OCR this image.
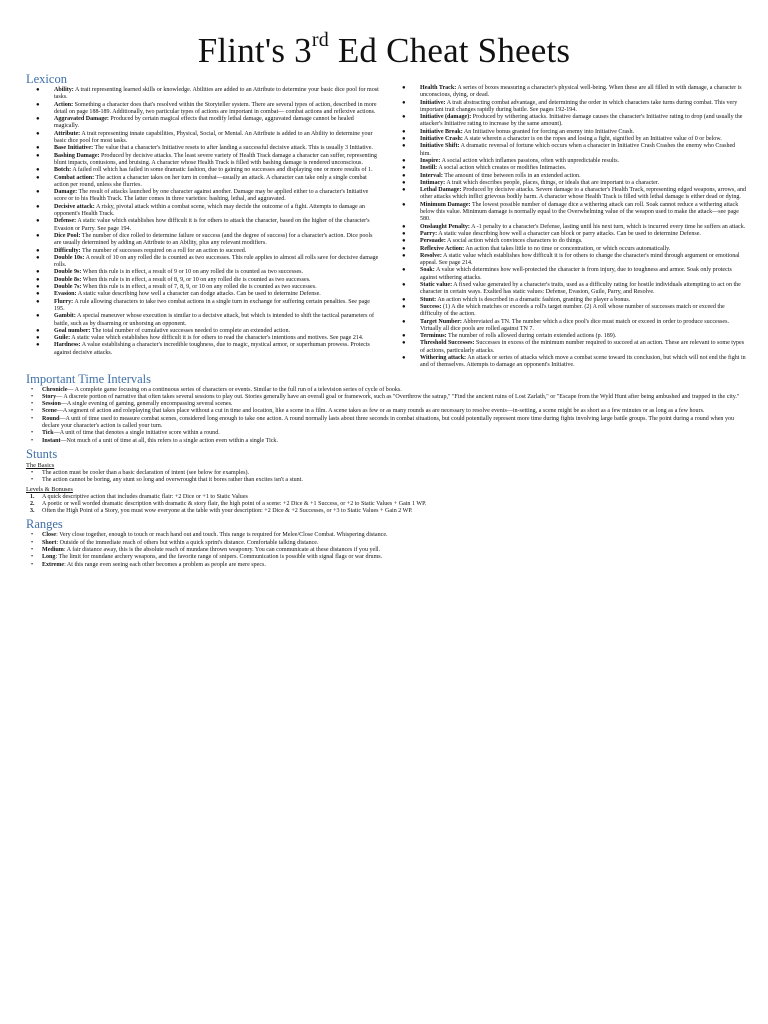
Flint's 3rd Ed Cheat Sheets
Lexicon
● Ability: A trait representing learned skills or knowledge. Abilities are added to an Attribute to determine your basic dice pool for most tasks.
● Action: Something a character does that's resolved within the Storyteller system. There are several types of action, described in more detail on page 188-189. Additionally, two particular types of actions are important in combat— combat actions and reflexive actions.
● Aggravated Damage: Produced by certain magical effects that modify lethal damage, aggravated damage cannot be healed magically.
● Attribute: A trait representing innate capabilities, Physical, Social, or Mental. An Attribute is added to an Ability to determine your basic dice pool for most tasks.
● Base Initiative: The value that a character's Initiative resets to after landing a successful decisive attack. This is usually 3 Initiative.
● Bashing Damage: Produced by decisive attacks. The least severe variety of Health Track damage a character can suffer, representing blunt impacts, contusions, and bruising. A character whose Health Track is filled with bashing damage is rendered unconscious.
● Botch: A failed roll which has failed in some dramatic fashion, due to gaining no successes and displaying one or more results of 1.
● Combat action: The action a character takes on her turn in combat—usually an attack. A character can take only a single combat action per round, unless she flurries.
● Damage: The result of attacks launched by one character against another. Damage may be applied either to a character's Initiative score or to his Health Track. The latter comes in three varieties: bashing, lethal, and aggravated.
● Decisive attack: A risky, pivotal attack within a combat scene, which may decide the outcome of a fight. Attempts to damage an opponent's Health Track.
● Defense: A static value which establishes how difficult it is for others to attack the character, based on the higher of the character's Evasion or Parry. See page 194.
● Dice Pool: The number of dice rolled to determine failure or success (and the degree of success) for a character's action. Dice pools are usually determined by adding an Attribute to an Ability, plus any relevant modifiers.
● Difficulty: The number of successes required on a roll for an action to succeed.
● Double 10s: A result of 10 on any rolled die is counted as two successes. This rule applies to almost all rolls save for decisive damage rolls.
● Double 9s: When this rule is in effect, a result of 9 or 10 on any rolled die is counted as two successes.
● Double 8s: When this rule is in effect, a result of 8, 9, or 10 on any rolled die is counted as two successes.
● Double 7s: When this rule is in effect, a result of 7, 8, 9, or 10 on any rolled die is counted as two successes.
● Evasion: A static value describing how well a character can dodge attacks. Can be used to determine Defense.
● Flurry: A rule allowing characters to take two combat actions in a single turn in exchange for suffering certain penalties. See page 195.
● Gambit: A special maneuver whose execution is similar to a decisive attack, but which is intended to shift the tactical parameters of battle, such as by disarming or unhorsing an opponent.
● Goal number: The total number of cumulative successes needed to complete an extended action.
● Guile: A static value which establishes how difficult it is for others to read the character's intentions and motives. See page 214.
● Hardness: A value establishing a character's incredible toughness, due to magic, mystical armor, or superhuman prowess. Protects against decisive attacks.
● Health Track: A series of boxes measuring a character's physical well-being. When these are all filled in with damage, a character is unconscious, dying, or dead.
● Initiative: A trait abstracting combat advantage, and determining the order in which characters take turns during combat. This very important trait changes rapidly during battle. See pages 192-194.
● Initiative (damage): Produced by withering attacks. Initiative damage causes the character's Initiative rating to drop (and usually the attacker's Initiative rating to increase by the same amount).
● Initiative Break: An Initiative bonus granted for forcing an enemy into Initiative Crash.
● Initiative Crash: A state wherein a character is on the ropes and losing a fight, signified by an Initiative value of 0 or below.
● Initiative Shift: A dramatic reversal of fortune which occurs when a character in Initiative Crash Crashes the enemy who Crashed him.
● Inspire: A social action which inflames passions, often with unpredictable results.
● Instill: A social action which creates or modifies Intimacies.
● Interval: The amount of time between rolls in an extended action.
● Intimacy: A trait which describes people, places, things, or ideals that are important to a character.
● Lethal Damage: Produced by decisive attacks. Severe damage to a character's Health Track, representing edged weapons, arrows, and other attacks which inflict grievous bodily harm. A character whose Health Track is filled with lethal damage is either dead or dying.
● Minimum Damage: The lowest possible number of damage dice a withering attack can roll. Soak cannot reduce a withering attack below this value. Minimum damage is normally equal to the Overwhelming value of the weapon used to make the attack—see page 580.
● Onslaught Penalty: A -1 penalty to a character's Defense, lasting until his next turn, which is incurred every time he suffers an attack.
● Parry: A static value describing how well a character can block or parry attacks. Can be used to determine Defense.
● Persuade: A social action which convinces characters to do things.
● Reflexive Action: An action that takes little to no time or concentration, or which occurs automatically.
● Resolve: A static value which establishes how difficult it is for others to change the character's mind through argument or emotional appeal. See page 214.
● Soak: A value which determines how well-protected the character is from injury, due to toughness and armor. Soak only protects against withering attacks.
● Static value: A fixed value generated by a character's traits, used as a difficulty rating for hostile individuals attempting to act on the character in certain ways. Exalted has static values: Defense, Evasion, Guile, Parry, and Resolve.
● Stunt: An action which is described in a dramatic fashion, granting the player a bonus.
● Success: (1) A die which matches or exceeds a roll's target number. (2) A roll whose number of successes match or exceed the difficulty of the action.
● Target Number: Abbreviated as TN. The number which a dice pool's dice must match or exceed in order to produce successes. Virtually all dice pools are rolled against TN 7.
● Terminus: The number of rolls allowed during certain extended actions (p. 189).
● Threshold Successes: Successes in excess of the minimum number required to succeed at an action. These are relevant to some types of actions, particularly attacks.
● Withering attack: An attack or series of attacks which move a combat scene toward its conclusion, but which will not end the fight in and of themselves. Attempts to damage an opponent's Initiative.
Important Time Intervals
• Chronicle— A complete game focusing on a continuous series of characters or events. Similar to the full run of a television series of cycle of books.
• Story— A discrete portion of narrative that often takes several sessions to play out. Stories generally have an overall goal or framework, such as "Overthrow the satrap," "Find the ancient ruins of Lost Zarlath," or "Escape from the Wyld Hunt after being ambushed and trapped in the city."
• Session—A single evening of gaming, generally encompassing several scenes.
• Scene—A segment of action and roleplaying that takes place without a cut in time and location, like a scene in a film. A scene takes as few or as many rounds as are necessary to resolve events—in-setting, a scene might be as short as a few minutes or as long as a few hours.
• Round—A unit of time used to measure combat scenes, considered long enough to take one action. A round normally lasts about three seconds in combat situations, but could potentially represent more time during fights involving large battle groups. The point during a round when you declare your character's action is called your turn.
• Tick—A unit of time that denotes a single initiative score within a round.
• Instant—Not much of a unit of time at all, this refers to a single action even within a single Tick.
Stunts
The Basics
• The action must be cooler than a basic declaration of intent (see below for examples).
• The action cannot be boring, any stunt so long and overwrought that it bores rather than excites isn't a stunt.
Levels & Bonuses
1. A quick descriptive action that includes dramatic flair: +2 Dice or +1 to Static Values
2. A poetic or well worded dramatic description with dramatic & story flair, the high point of a scene: +2 Dice & +1 Success, or +2 to Static Values + Gain 1 WP.
3. Often the High Point of a Story, you must wow everyone at the table with your description: +2 Dice & +2 Successes, or +3 to Static Values + Gain 2 WP.
Ranges
• Close: Very close together, enough to touch or reach hand out and touch. This range is required for Melee/Close Combat. Whispering distance.
• Short: Outside of the immediate reach of others but within a quick sprint's distance. Comfortable talking distance.
• Medium: A fair distance away, this is the absolute reach of mundane thrown weaponry. You can communicate at these distances if you yell.
• Long: The limit for mundane archery weapons, and the favorite range of snipers. Communication is possible with signal flags or war drums.
• Extreme: At this range even seeing each other becomes a problem as people are mere specs.
